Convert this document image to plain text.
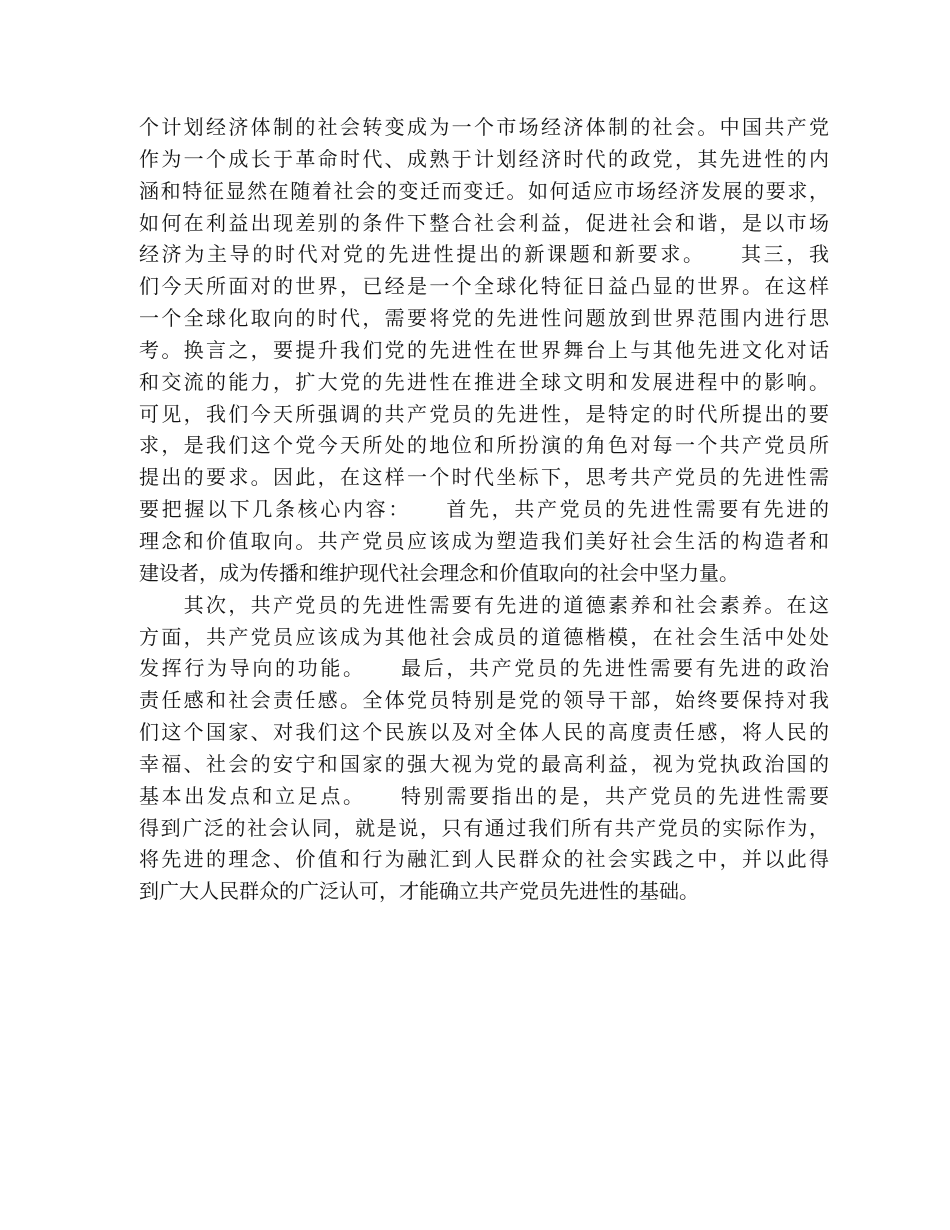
个计划经济体制的社会转变成为一个市场经济体制的社会。中国共产党
作为一个成长于革命时代、成熟于计划经济时代的政党，其先进性的内
涵和特征显然在随着社会的变迁而变迁。如何适应市场经济发展的要求，
如何在利益出现差别的条件下整合社会利益，促进社会和谐，是以市场
经济为主导的时代对党的先进性提出的新课题和新要求。　　其三，我
们今天所面对的世界，已经是一个全球化特征日益凸显的世界。在这样
一个全球化取向的时代，需要将党的先进性问题放到世界范围内进行思
考。换言之，要提升我们党的先进性在世界舞台上与其他先进文化对话
和交流的能力，扩大党的先进性在推进全球文明和发展进程中的影响。
可见，我们今天所强调的共产党员的先进性，是特定的时代所提出的要
求，是我们这个党今天所处的地位和所扮演的角色对每一个共产党员所
提出的要求。因此，在这样一个时代坐标下，思考共产党员的先进性需
要把握以下几条核心内容：　　首先，共产党员的先进性需要有先进的
理念和价值取向。共产党员应该成为塑造我们美好社会生活的构造者和
建设者，成为传播和维护现代社会理念和价值取向的社会中坚力量。
　　其次，共产党员的先进性需要有先进的道德素养和社会素养。在这
方面，共产党员应该成为其他社会成员的道德楷模，在社会生活中处处
发挥行为导向的功能。　　最后，共产党员的先进性需要有先进的政治
责任感和社会责任感。全体党员特别是党的领导干部，始终要保持对我
们这个国家、对我们这个民族以及对全体人民的高度责任感，将人民的
幸福、社会的安宁和国家的强大视为党的最高利益，视为党执政治国的
基本出发点和立足点。　　特别需要指出的是，共产党员的先进性需要
得到广泛的社会认同，就是说，只有通过我们所有共产党员的实际作为，
将先进的理念、价值和行为融汇到人民群众的社会实践之中，并以此得
到广大人民群众的广泛认可，才能确立共产党员先进性的基础。
